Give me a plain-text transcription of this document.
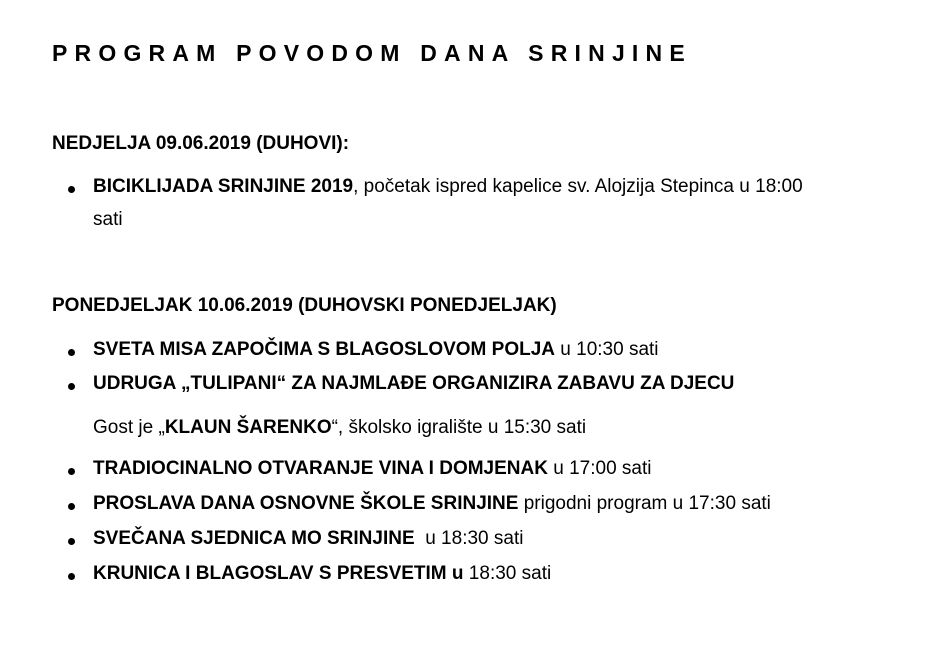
PROGRAM POVODOM DANA SRINJINE
NEDJELJA 09.06.2019 (DUHOVI):
BICIKLIJADA SRINJINE 2019, početak ispred kapelice sv. Alojzija Stepinca u 18:00
sati
PONEDJELJAK 10.06.2019 (DUHOVSKI PONEDJELJAK)
SVETA MISA ZAPOČIMA S BLAGOSLOVOM POLJA u 10:30 sati
UDRUGA „TULIPANI“ ZA NAJMLAĐE ORGANIZIRA ZABAVU ZA DJECU
Gost je „KLAUN ŠARENKO“, školsko igralište u 15:30 sati
TRADIOCINALNO OTVARANJE VINA I DOMJENAK u 17:00 sati
PROSLAVA DANA OSNOVNE ŠKOLE SRINJINE prigodni program u 17:30 sati
SVEČANA SJEDNICA MO SRINJINE  u 18:30 sati
KRUNICA I BLAGOSLAV S PRESVETIM u 18:30 sati
